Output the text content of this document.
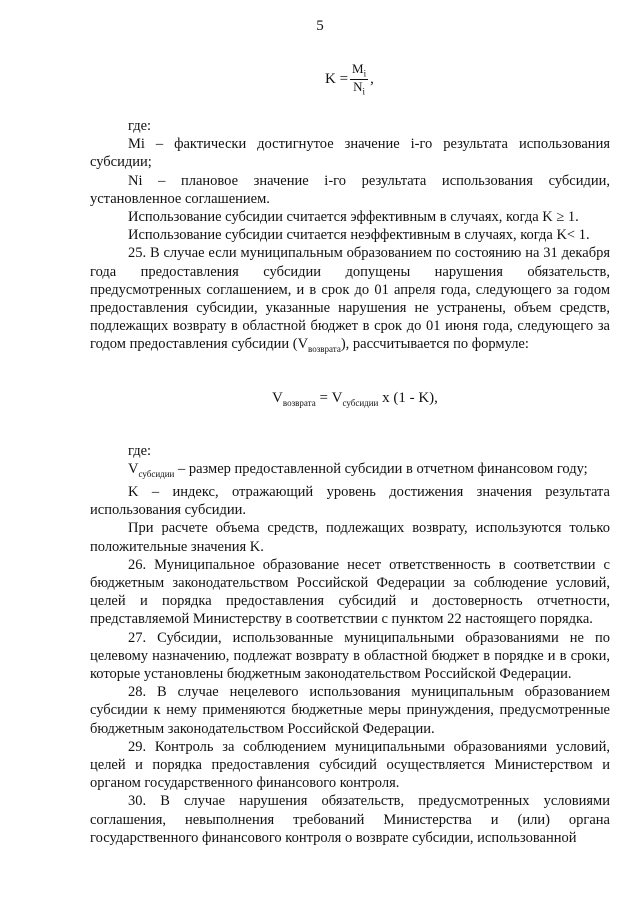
5
$K = \frac{M_i}{N_i}$ ,

где:

Mi – фактически достигнутое значение i-го результата использования субсидии;

Ni – плановое значение i-го результата использования субсидии, установленное соглашением.

Использование субсидии считается эффективным в случаях, когда K ≥ 1.

Использование субсидии считается неэффективным в случаях, когда K< 1.

25. В случае если муниципальным образованием по состоянию на 31 декабря года предоставления субсидии допущены нарушения обязательств, предусмотренных соглашением, и в срок до 01 апреля года, следующего за годом предоставления субсидии, указанные нарушения не устранены, объем средств, подлежащих возврату в областной бюджет в срок до 01 июня года, следующего за годом предоставления субсидии $(V_{возврата})$, рассчитывается по формуле:

$V_{возврата} = V_{субсидии}$ x (1 - K),

где:

$V_{субсидии}$ – размер предоставленной субсидии в отчетном финансовом году;

K – индекс, отражающий уровень достижения значения результата использования субсидии.

При расчете объема средств, подлежащих возврату, используются только положительные значения K.

26. Муниципальное образование несет ответственность в соответствии с бюджетным законодательством Российской Федерации за соблюдение условий, целей и порядка предоставления субсидий и достоверность отчетности, представляемой Министерству в соответствии с пунктом 22 настоящего порядка.

27. Субсидии, использованные муниципальными образованиями не по целевому назначению, подлежат возврату в областной бюджет в порядке и в сроки, которые установлены бюджетным законодательством Российской Федерации.

28. В случае нецелевого использования муниципальным образованием субсидии к нему применяются бюджетные меры принуждения, предусмотренные бюджетным законодательством Российской Федерации.

29. Контроль за соблюдением муниципальными образованиями условий, целей и порядка предоставления субсидий осуществляется Министерством и органом государственного финансового контроля.

30. В случае нарушения обязательств, предусмотренных условиями соглашения, невыполнения требований Министерства и (или) органа государственного финансового контроля о возврате субсидии, использованной
